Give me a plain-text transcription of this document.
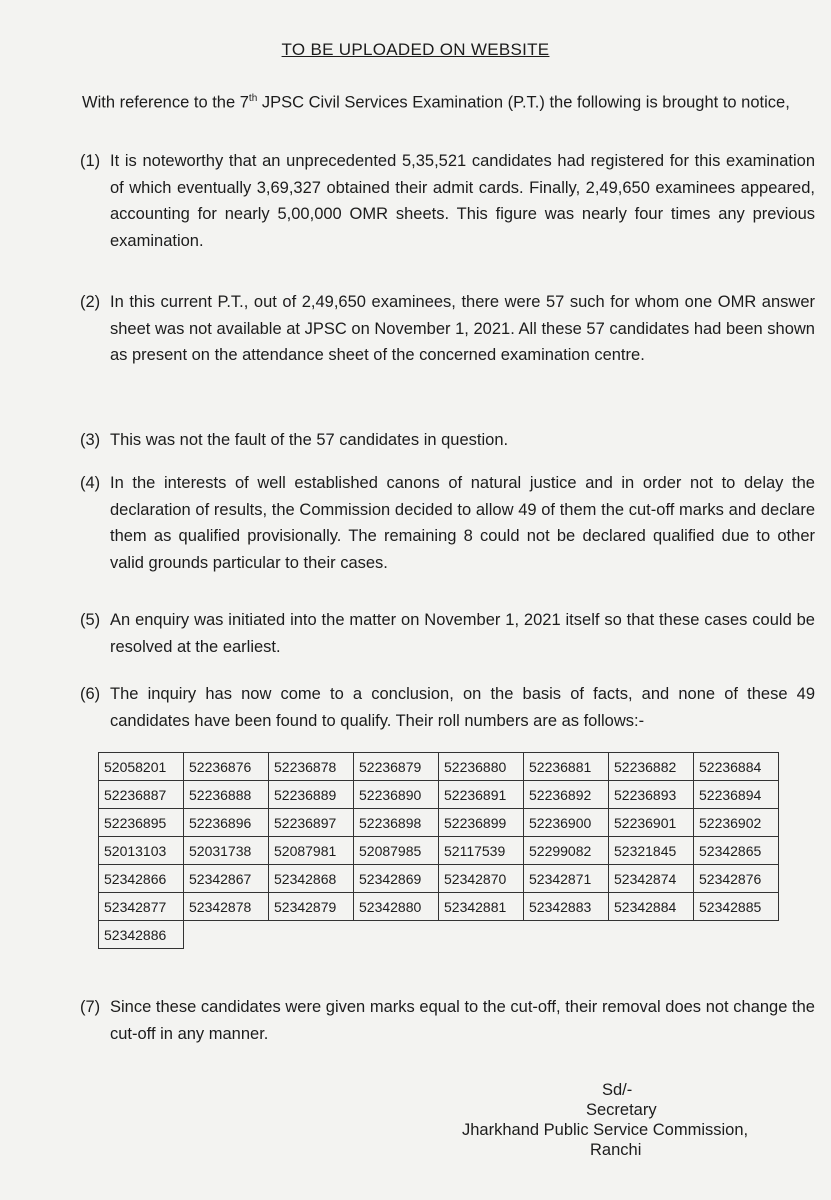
TO BE UPLOADED ON WEBSITE
With reference to the 7th JPSC Civil Services Examination (P.T.) the following is brought to notice,
(1) It is noteworthy that an unprecedented 5,35,521 candidates had registered for this examination of which eventually 3,69,327 obtained their admit cards. Finally, 2,49,650 examinees appeared, accounting for nearly 5,00,000 OMR sheets. This figure was nearly four times any previous examination.
(2) In this current P.T., out of 2,49,650 examinees, there were 57 such for whom one OMR answer sheet was not available at JPSC on November 1, 2021. All these 57 candidates had been shown as present on the attendance sheet of the concerned examination centre.
(3) This was not the fault of the 57 candidates in question.
(4) In the interests of well established canons of natural justice and in order not to delay the declaration of results, the Commission decided to allow 49 of them the cut-off marks and declare them as qualified provisionally. The remaining 8 could not be declared qualified due to other valid grounds particular to their cases.
(5) An enquiry was initiated into the matter on November 1, 2021 itself so that these cases could be resolved at the earliest.
(6) The inquiry has now come to a conclusion, on the basis of facts, and none of these 49 candidates have been found to qualify. Their roll numbers are as follows:-
52058201	52236876	52236878	52236879	52236880	52236881	52236882	52236884
52236887	52236888	52236889	52236890	52236891	52236892	52236893	52236894
52236895	52236896	52236897	52236898	52236899	52236900	52236901	52236902
52013103	52031738	52087981	52087985	52117539	52299082	52321845	52342865
52342866	52342867	52342868	52342869	52342870	52342871	52342874	52342876
52342877	52342878	52342879	52342880	52342881	52342883	52342884	52342885
52342886							
(7) Since these candidates were given marks equal to the cut-off, their removal does not change the cut-off in any manner.
Sd/-
Secretary
Jharkhand Public Service Commission,
Ranchi
